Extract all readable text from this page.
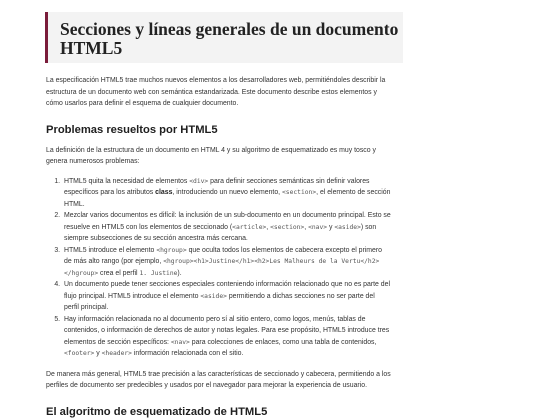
Secciones y líneas generales de un documento HTML5

La especificación HTML5 trae muchos nuevos elementos a los desarrolladores web, permitiéndoles describir la estructura de un documento web con semántica estandarizada. Este documento describe estos elementos y cómo usarlos para definir el esquema de cualquier documento.

Problemas resueltos por HTML5

La definición de la estructura de un documento en HTML 4 y su algoritmo de esquematizado es muy tosco y genera numerosos problemas:

1. HTML5 quita la necesidad de elementos <div> para definir secciones semánticas sin definir valores específicos para los atributos class, introduciendo un nuevo elemento, <section>, el elemento de sección HTML.
2. Mezclar varios documentos es difícil: la inclusión de un sub-documento en un documento principal. Esto se resuelve en HTML5 con los elementos de seccionado (<article>, <section>, <nav> y <aside>) son siempre subsecciones de su sección ancestra más cercana.
3. HTML5 introduce el elemento <hgroup> que oculta todos los elementos de cabecera excepto el primero de más alto rango (por ejemplo, <hgroup><h1>Justine</h1><h2>Les Malheurs de la Vertu</h2></hgroup> crea el perfil 1. Justine).
4. Un documento puede tener secciones especiales conteniendo información relacionado que no es parte del flujo principal. HTML5 introduce el elemento <aside> permitiendo a dichas secciones no ser parte del perfil principal.
5. Hay información relacionada no al documento pero sí al sitio entero, como logos, menús, tablas de contenidos, o información de derechos de autor y notas legales. Para ese propósito, HTML5 introduce tres elementos de sección específicos: <nav> para colecciones de enlaces, como una tabla de contenidos, <footer> y <header> información relacionada con el sitio.

De manera más general, HTML5 trae precisión a las características de seccionado y cabecera, permitiendo a los perfiles de documento ser predecibles y usados por el navegador para mejorar la experiencia de usuario.

El algoritmo de esquematizado de HTML5
